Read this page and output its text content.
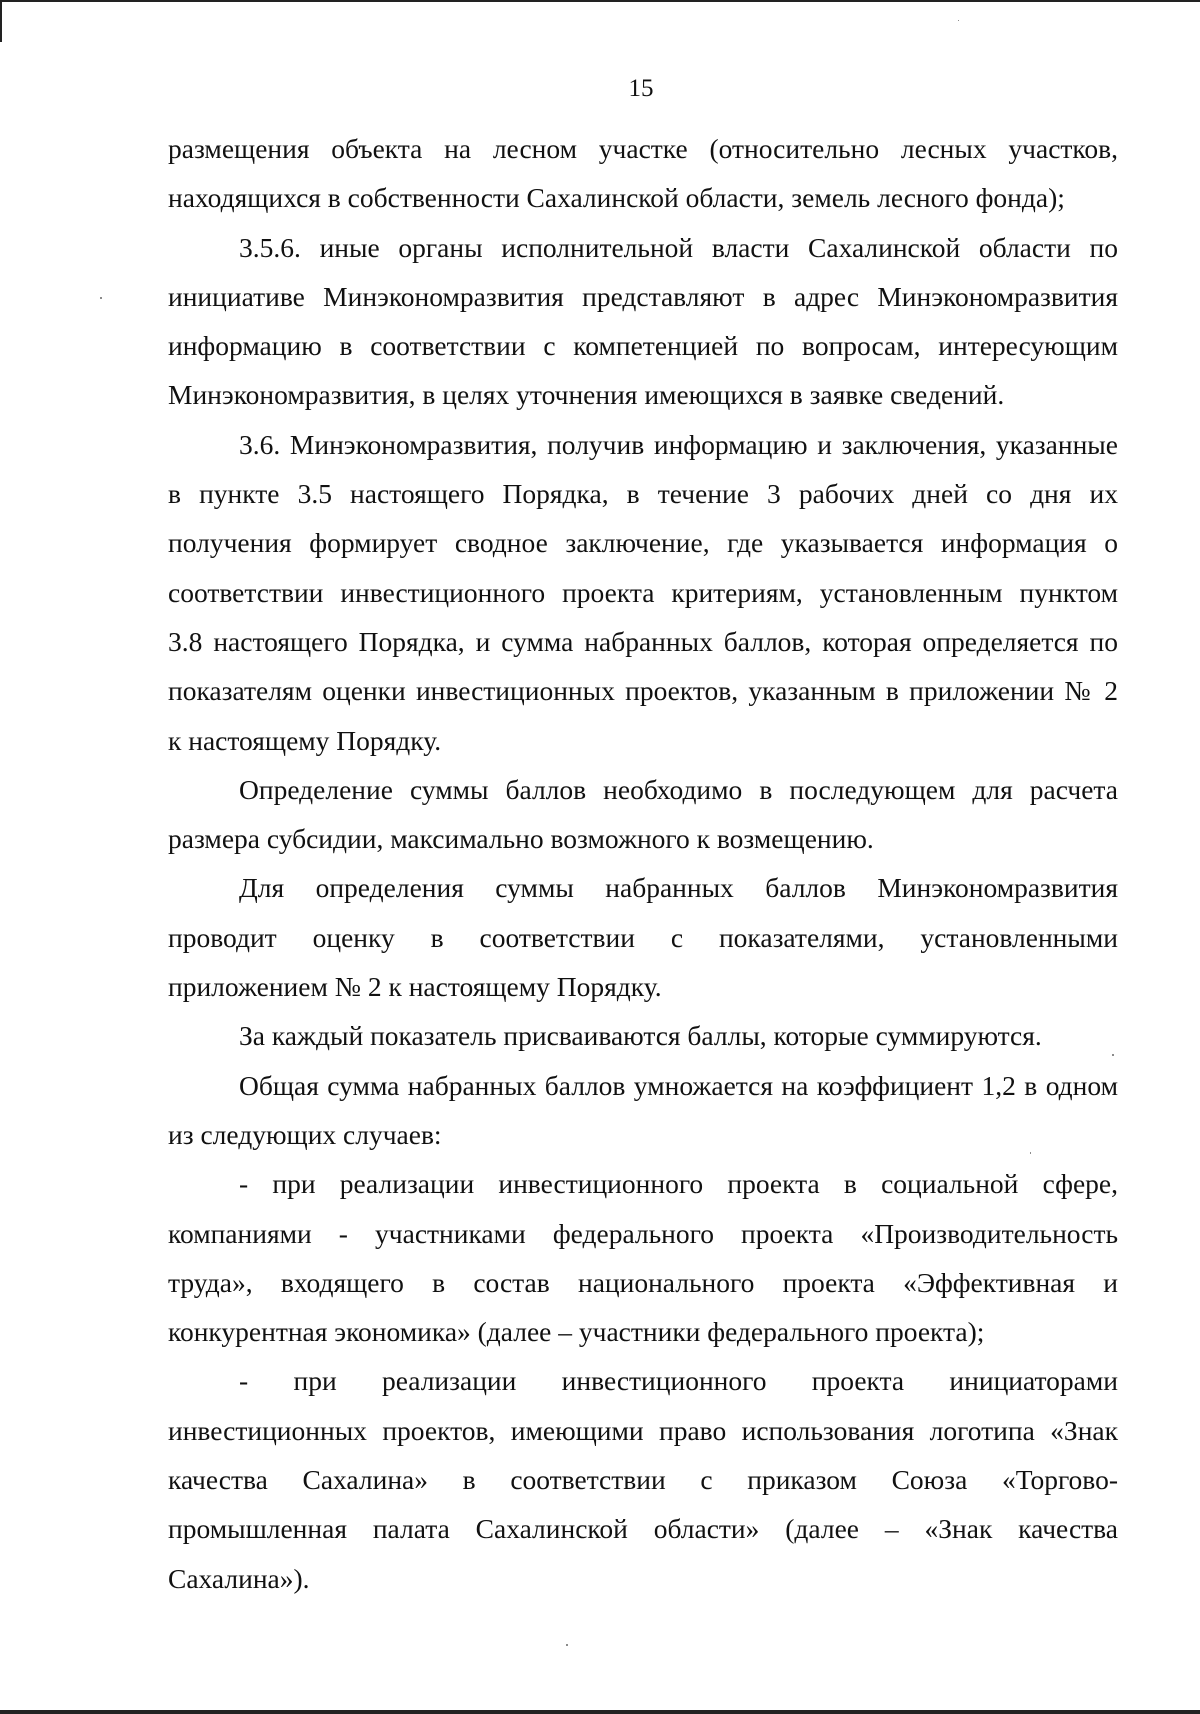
15

размещения объекта на лесном участке (относительно лесных участков,
находящихся в собственности Сахалинской области, земель лесного фонда);

3.5.6. иные органы исполнительной власти Сахалинской области по
инициативе Минэкономразвития представляют в адрес Минэкономразвития
информацию в соответствии с компетенцией по вопросам, интересующим
Минэкономразвития, в целях уточнения имеющихся в заявке сведений.

3.6. Минэкономразвития, получив информацию и заключения, указанные
в пункте 3.5 настоящего Порядка, в течение 3 рабочих дней со дня их
получения формирует сводное заключение, где указывается информация о
соответствии инвестиционного проекта критериям, установленным пунктом
3.8 настоящего Порядка, и сумма набранных баллов, которая определяется по
показателям оценки инвестиционных проектов, указанным в приложении № 2
к настоящему Порядку.

Определение суммы баллов необходимо в последующем для расчета
размера субсидии, максимально возможного к возмещению.

Для определения суммы набранных баллов Минэкономразвития
проводит оценку в соответствии с показателями, установленными
приложением № 2 к настоящему Порядку.

За каждый показатель присваиваются баллы, которые суммируются.

Общая сумма набранных баллов умножается на коэффициент 1,2 в одном
из следующих случаев:

- при реализации инвестиционного проекта в социальной сфере,
компаниями - участниками федерального проекта «Производительность
труда», входящего в состав национального проекта «Эффективная и
конкурентная экономика» (далее – участники федерального проекта);

- при реализации инвестиционного проекта инициаторами
инвестиционных проектов, имеющими право использования логотипа «Знак
качества Сахалина» в соответствии с приказом Союза «Торгово-
промышленная палата Сахалинской области» (далее – «Знак качества
Сахалина»).
